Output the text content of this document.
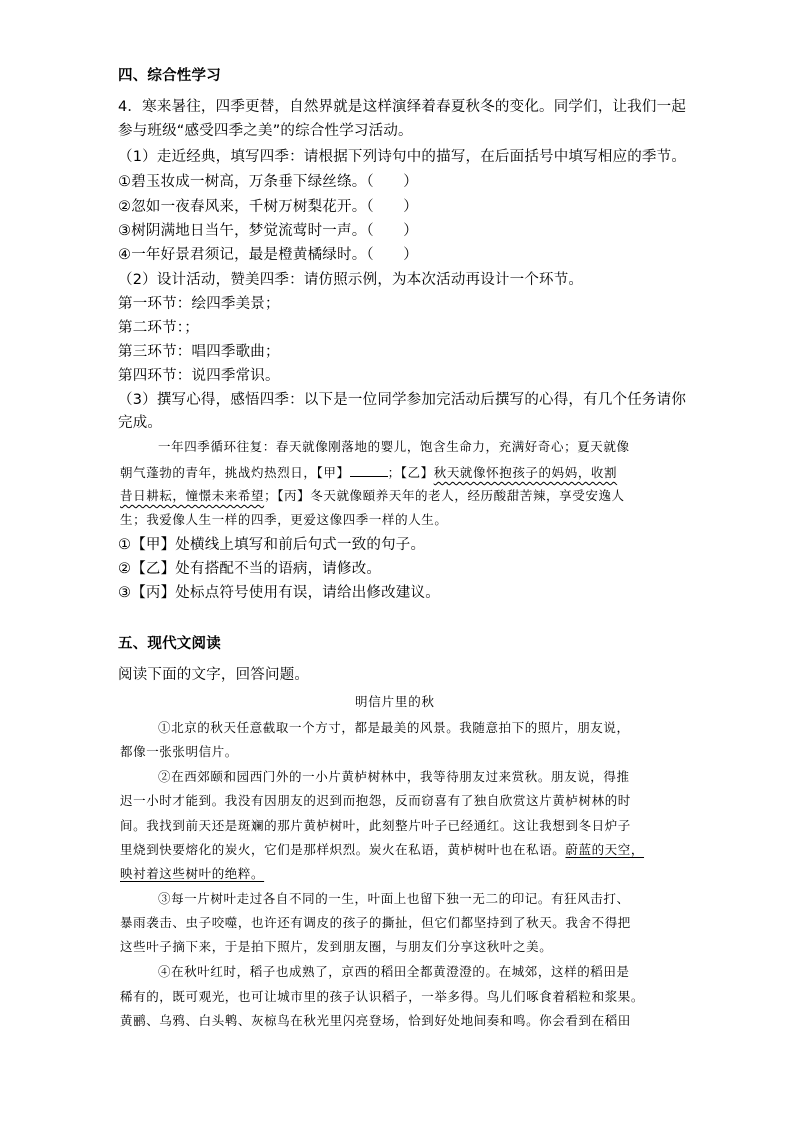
四、综合性学习
4．寒来暑往，四季更替，自然界就是这样演绎着春夏秋冬的变化。同学们，让我们一起
参与班级“感受四季之美”的综合性学习活动。
（1）走近经典，填写四季：请根据下列诗句中的描写，在后面括号中填写相应的季节。
①碧玉妆成一树高，万条垂下绿丝绦。（　　）
②忽如一夜春风来，千树万树梨花开。（　　）
③树阴满地日当午，梦觉流莺时一声。（　　）
④一年好景君须记，最是橙黄橘绿时。（　　）
（2）设计活动，赞美四季：请仿照示例，为本次活动再设计一个环节。
第一环节：绘四季美景；
第二环节：；
第三环节：唱四季歌曲；
第四环节：说四季常识。
（3）撰写心得，感悟四季：以下是一位同学参加完活动后撰写的心得，有几个任务请你
完成。
一年四季循环往复：春天就像刚落地的婴儿，饱含生命力，充满好奇心；夏天就像
朝气蓬勃的青年，挑战灼热烈日，【甲】	；【乙】秋天就像怀抱孩子的妈妈，收割
昔日耕耘，憧憬未来希望；【丙】冬天就像頤养天年的老人，经历酸甜苦辣，享受安逸人
生；我爱像人生一样的四季，更爱这像四季一样的人生。
①【甲】处横线上填写和前后句式一致的句子。
②【乙】处有搭配不当的语病，请修改。
③【丙】处标点符号使用有误，请给出修改建议。
五、现代文阅读
阅读下面的文字，回答问题。
明信片里的秋
①北京的秋天任意截取一个方寸，都是最美的风景。我随意拍下的照片，朋友说，
都像一张张明信片。
②在西郊颐和园西门外的一小片黄栌树林中，我等待朋友过来赏秋。朋友说，得推
迟一小时才能到。我没有因朋友的迟到而抱怨，反而窃喜有了独自欣赏这片黄栌树林的时
间。我找到前天还是斑斓的那片黄栌树叶，此刻整片叶子已经通红。这让我想到冬日炉子
里烧到快要熔化的炭火，它们是那样炽烈。炭火在私语，黄栌树叶也在私语。蔚蓝的天空，
映衬着这些树叶的绝粹。
③每一片树叶走过各自不同的一生，叶面上也留下独一无二的印记。有狂风击打、
暴雨袭击、虫子咬噬，也许还有调皮的孩子的撕扯，但它们都坚持到了秋天。我舍不得把
这些叶子摘下来，于是拍下照片，发到朋友圈，与朋友们分享这秋叶之美。
④在秋叶红时，稻子也成熟了，京西的稻田全都黄澄澄的。在城郊，这样的稻田是
稀有的，既可观光，也可让城市里的孩子认识稻子，一举多得。鸟儿们啄食着稻粒和浆果。
黄鹂、乌鸦、白头鹎、灰椋鸟在秋光里闪亮登场，恰到好处地间奏和鸣。你会看到在稻田
